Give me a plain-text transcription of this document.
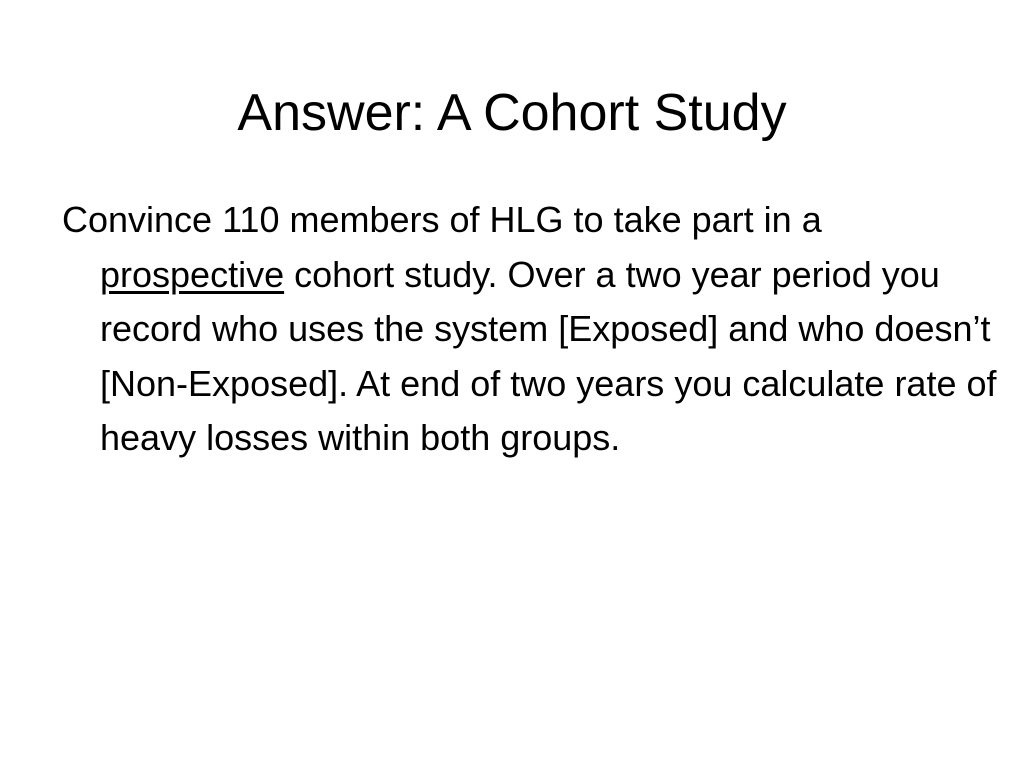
Answer: A Cohort Study

Convince 110 members of HLG to take part in a prospective cohort study. Over a two year period you record who uses the system [Exposed] and who doesn’t [Non-Exposed]. At end of two years you calculate rate of heavy losses within both groups.
